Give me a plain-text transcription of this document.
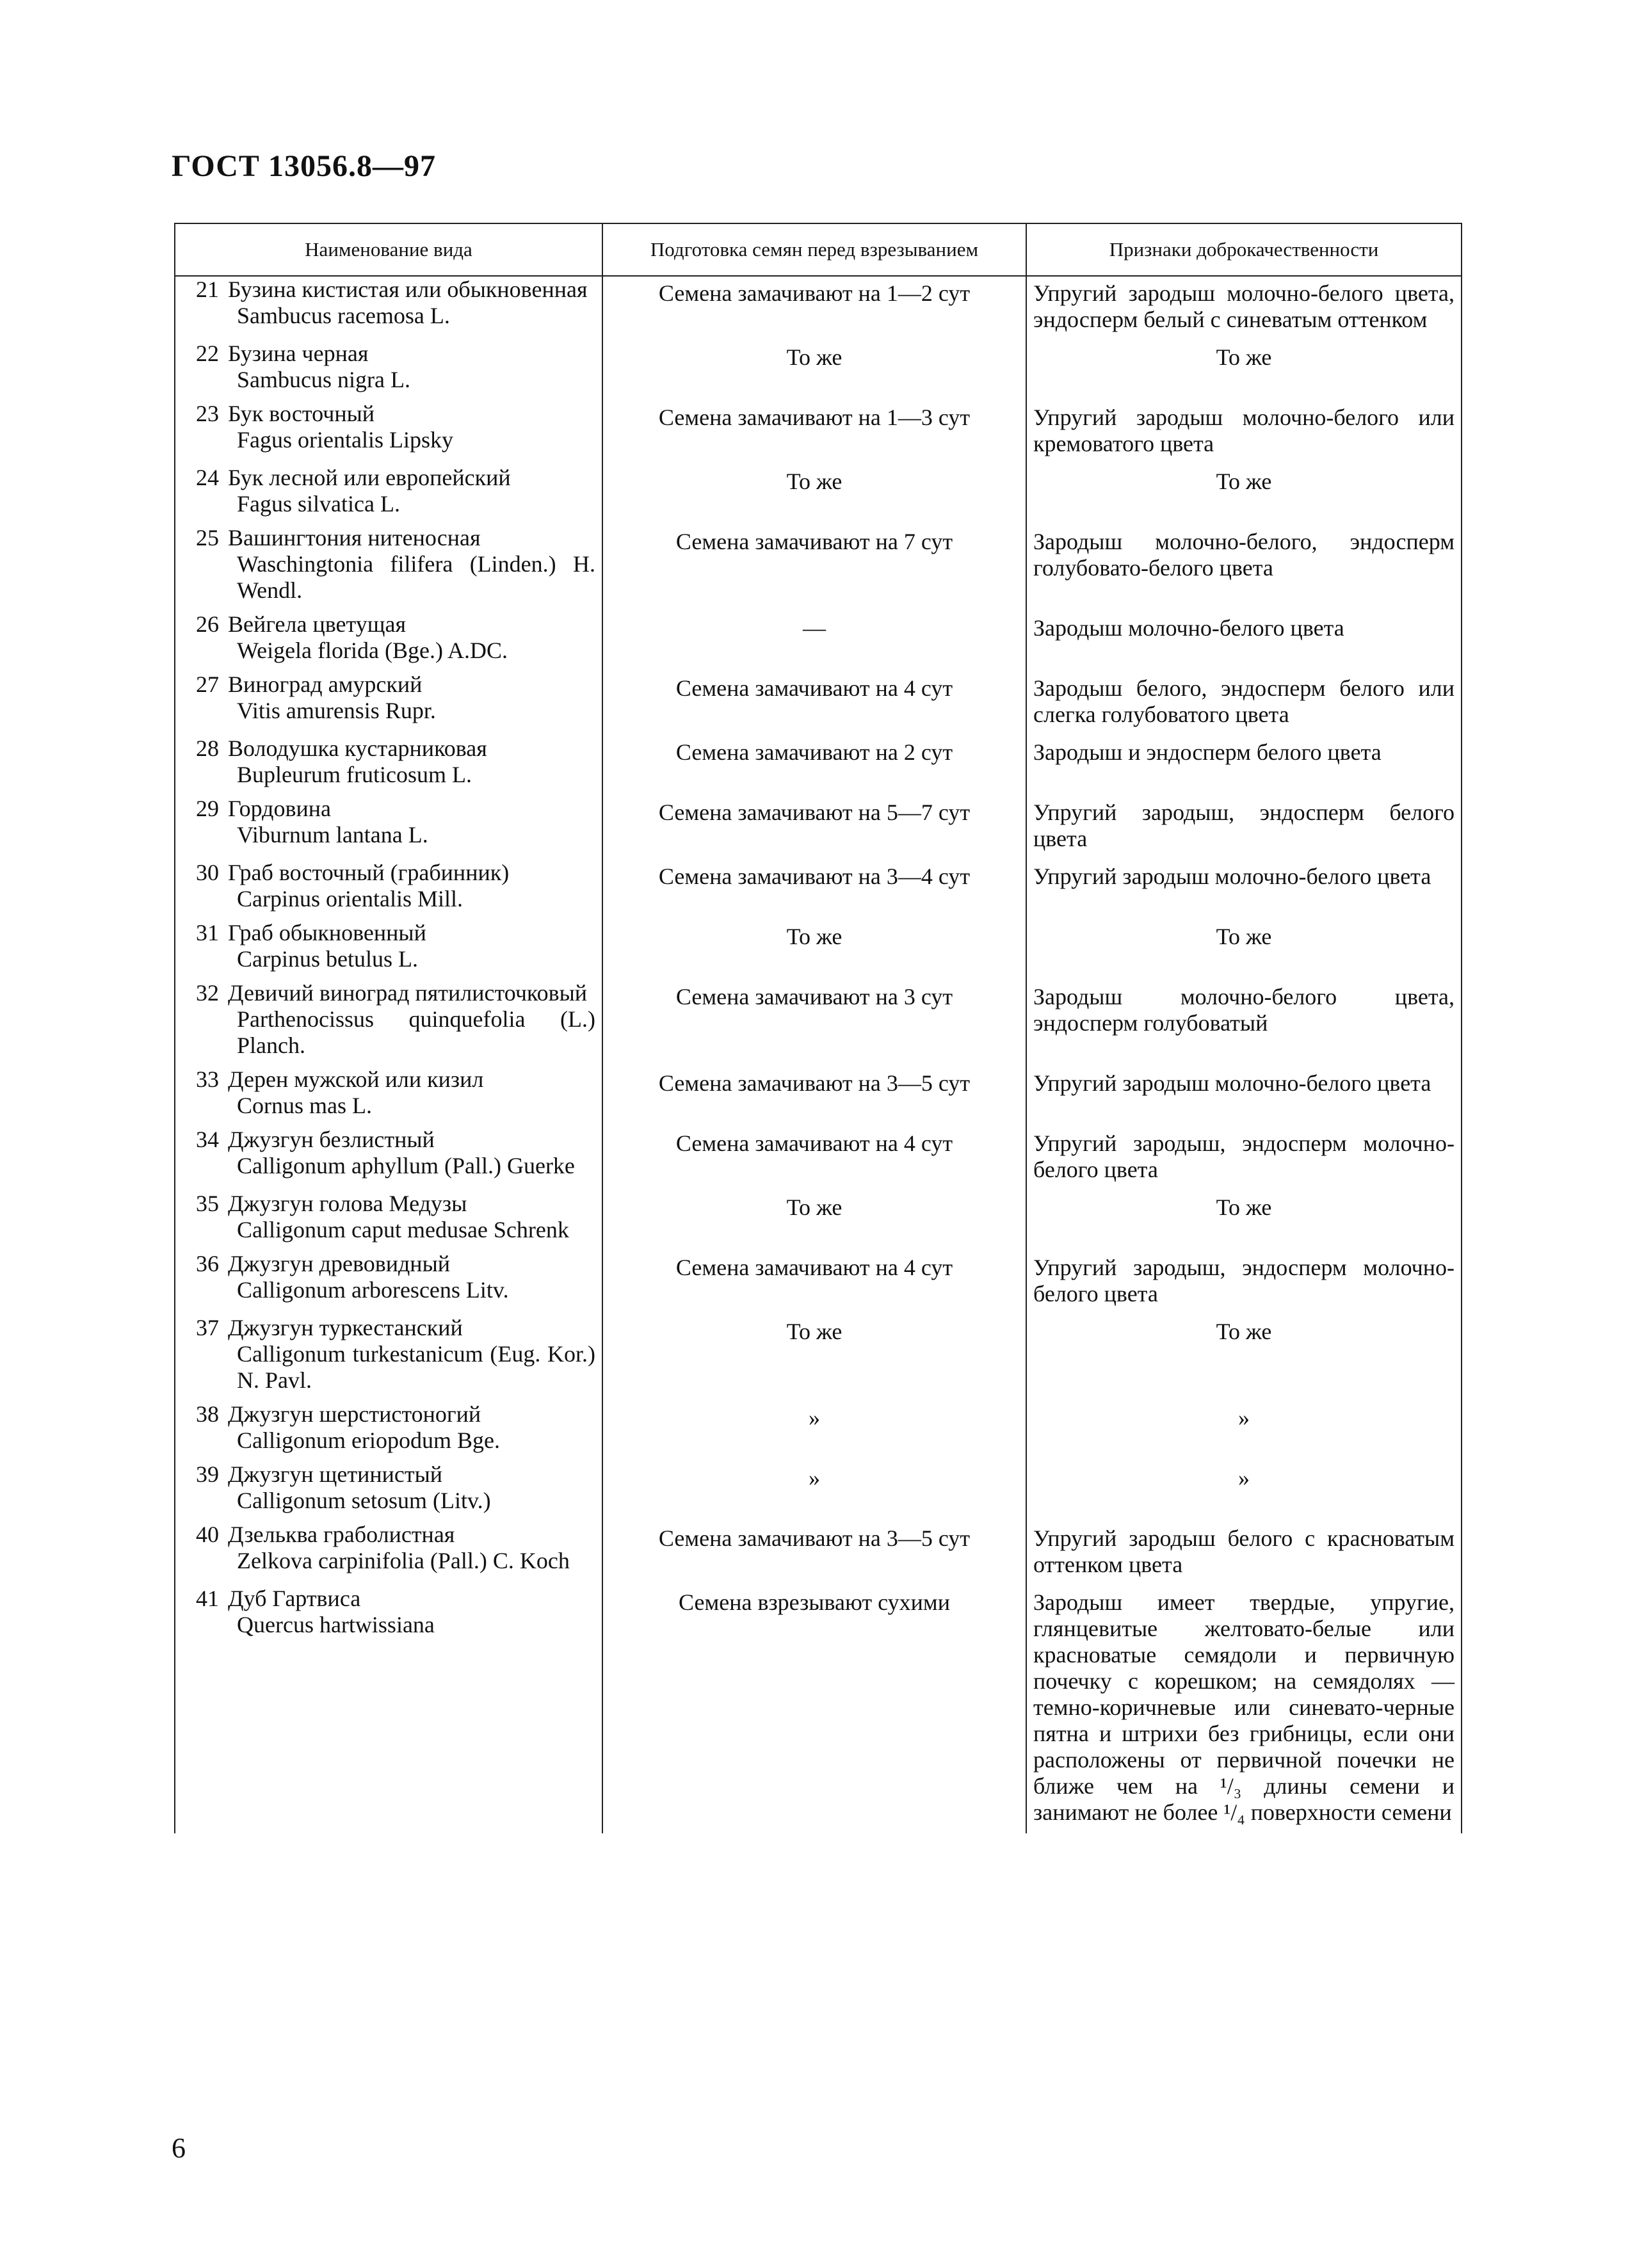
ГОСТ 13056.8—97
Наименование вида	Подготовка семян перед взрезыванием	Признаки доброкачественности

21 Бузина кистистая или обыкновенная
Sambucus racemosa L.	Семена замачивают на 1—2 сут	Упругий зародыш молочно-белого цвета, эндосперм белый с синеватым оттенком

22 Бузина черная
Sambucus nigra L.	То же	То же

23 Бук восточный
Fagus orientalis Lipsky	Семена замачивают на 1—3 сут	Упругий зародыш молочно-белого или кремоватого цвета

24 Бук лесной или европейский
Fagus silvatica L.	То же	То же

25 Вашингтония нитеносная
Waschingtonia filifera (Linden.) H. Wendl.	Семена замачивают на 7 сут	Зародыш молочно-белого, эндосперм голубовато-белого цвета

26 Вейгела цветущая
Weigela florida (Bge.) A.DC.	—	Зародыш молочно-белого цвета

27 Виноград амурский
Vitis amurensis Rupr.	Семена замачивают на 4 сут	Зародыш белого, эндосперм белого или слегка голубоватого цвета

28 Володушка кустарниковая
Bupleurum fruticosum L.	Семена замачивают на 2 сут	Зародыш и эндосперм белого цвета

29 Гордовина
Viburnum lantana L.	Семена замачивают на 5—7 сут	Упругий зародыш, эндосперм белого цвета

30 Граб восточный (грабинник)
Carpinus orientalis Mill.	Семена замачивают на 3—4 сут	Упругий зародыш молочно-белого цвета

31 Граб обыкновенный
Carpinus betulus L.	То же	То же

32 Девичий виноград пятилисточковый
Parthenocissus quinquefolia (L.) Planch.	Семена замачивают на 3 сут	Зародыш молочно-белого цвета, эндосперм голубоватый

33 Дерен мужской или кизил
Cornus mas L.	Семена замачивают на 3—5 сут	Упругий зародыш молочно-белого цвета

34 Джузгун безлистный
Calligonum aphyllum (Pall.) Guerke	Семена замачивают на 4 сут	Упругий зародыш, эндосперм молочно-белого цвета

35 Джузгун голова Медузы
Calligonum caput medusae Schrenk	То же	То же

36 Джузгун древовидный
Calligonum arborescens Litv.	Семена замачивают на 4 сут	Упругий зародыш, эндосперм молочно-белого цвета

37 Джузгун туркестанский
Calligonum turkestanicum (Eug. Kor.) N. Pavl.	То же	То же

38 Джузгун шерстистоногий
Calligonum eriopodum Bge.	»	»

39 Джузгун щетинистый
Calligonum setosum (Litv.)	»	»

40 Дзельква граболистная
Zelkova carpinifolia (Pall.) C. Koch	Семена замачивают на 3—5 сут	Упругий зародыш белого с красноватым оттенком цвета

41 Дуб Гартвиса
Quercus hartwissiana	Семена взрезывают сухими	Зародыш имеет твердые, упругие, глянцевитые желтовато-белые или красноватые семядоли и первичную почечку с корешком; на семядолях — темно-коричневые или синевато-черные пятна и штрихи без грибницы, если они расположены от первичной почечки не ближе чем на ¹/₃ длины семени и занимают не более ¹/₄ поверхности семени
6
